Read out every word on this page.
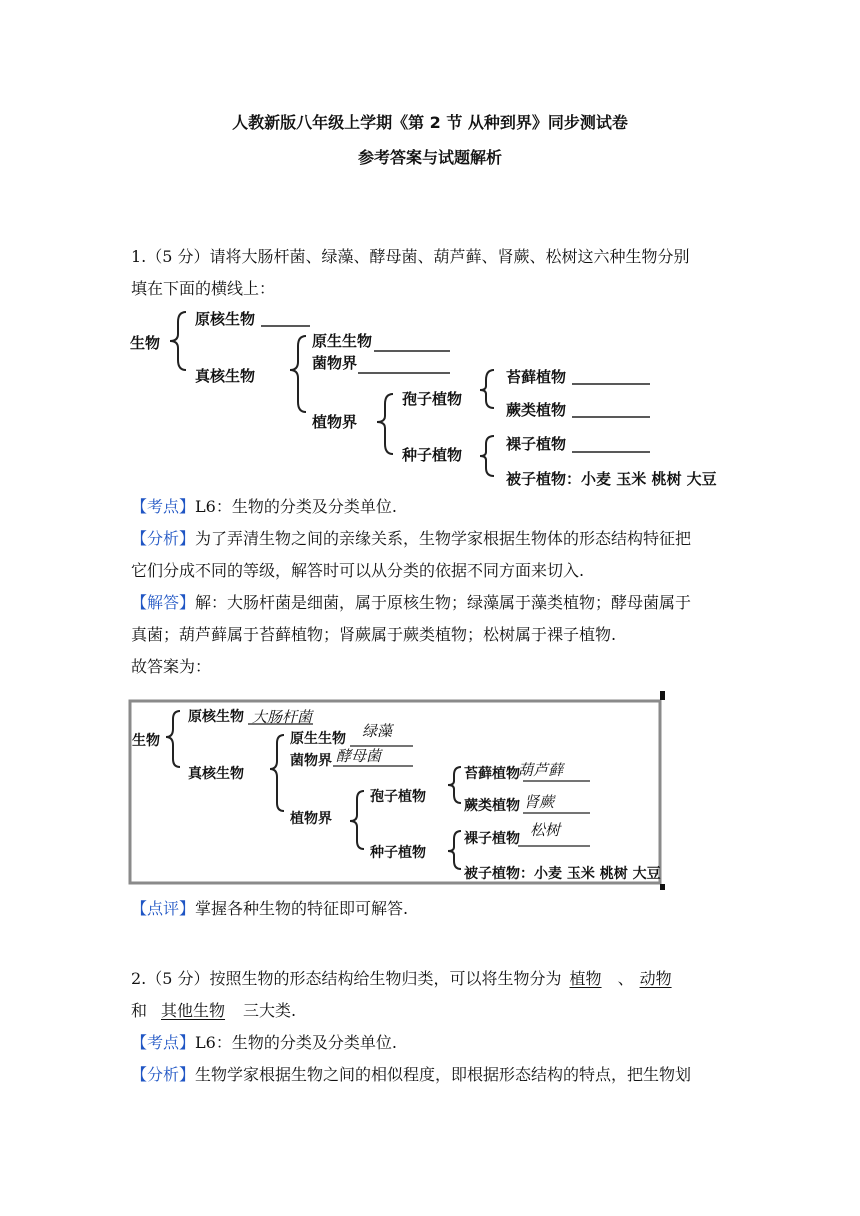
人教新版八年级上学期《第 2 节 从种到界》同步测试卷
参考答案与试题解析
1.（5 分）请将大肠杆菌、绿藻、酵母菌、葫芦藓、肾蕨、松树这六种生物分别
填在下面的横线上：
生物
原核生物
真核生物
原生生物
菌物界
植物界
孢子植物
种子植物
苔藓植物
蕨类植物
裸子植物
被子植物：小麦 玉米 桃树 大豆
【考点】L6：生物的分类及分类单位.
【分析】为了弄清生物之间的亲缘关系，生物学家根据生物体的形态结构特征把
它们分成不同的等级，解答时可以从分类的依据不同方面来切入.
【解答】解：大肠杆菌是细菌，属于原核生物；绿藻属于藻类植物；酵母菌属于
真菌；葫芦藓属于苔藓植物；肾蕨属于蕨类植物；松树属于裸子植物.
故答案为：
生物
原核生物
真核生物
原生生物
菌物界
植物界
孢子植物
种子植物
苔藓植物
蕨类植物
裸子植物
被子植物：小麦 玉米 桃树 大豆
大肠杆菌
绿藻
酵母菌
葫芦藓
肾蕨
松树
【点评】掌握各种生物的特征即可解答.
2.（5 分）按照生物的形态结构给生物归类，可以将生物分为 植物 、 动物
和 其他生物 三大类.
【考点】L6：生物的分类及分类单位.
【分析】生物学家根据生物之间的相似程度，即根据形态结构的特点，把生物划
